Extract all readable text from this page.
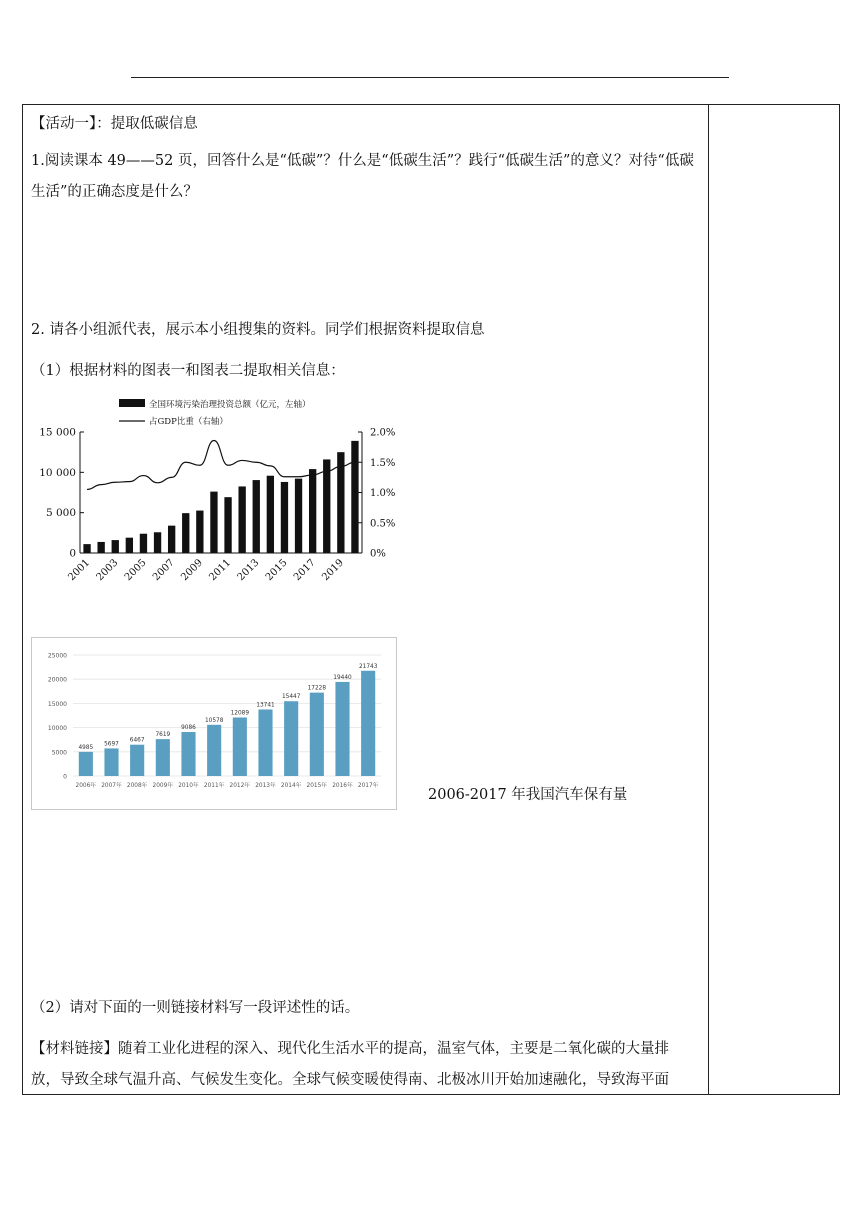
【活动一】：提取低碳信息
1.阅读课本 49——52 页，回答什么是“低碳”？什么是“低碳生活”？践行“低碳生活”的意义？对待“低碳生活”的正确态度是什么？
2. 请各小组派代表，展示本小组搜集的资料。同学们根据资料提取信息
（1）根据材料的图表一和图表二提取相关信息：
全国环境污染治理投资总额（亿元，左轴）
占GDP比重（右轴）
0
5 000
10 000
15 000
0%
0.5%
1.0%
1.5%
2.0%
2001 2003 2005 2007 2009 2011 2013 2015 2017 2019
0
5000
10000
15000
20000
25000
4985
2006年
5697
2007年
6467
2008年
7619
2009年
9086
2010年
10578
2011年
12089
2012年
13741
2013年
15447
2014年
17228
2015年
19440
2016年
21743
2017年
2006-2017 年我国汽车保有量
（2）请对下面的一则链接材料写一段评述性的话。
【材料链接】随着工业化进程的深入、现代化生活水平的提高，温室气体，主要是二氧化碳的大量排
放，导致全球气温升高、气候发生变化。全球气候变暖使得南、北极冰川开始加速融化，导致海平面
